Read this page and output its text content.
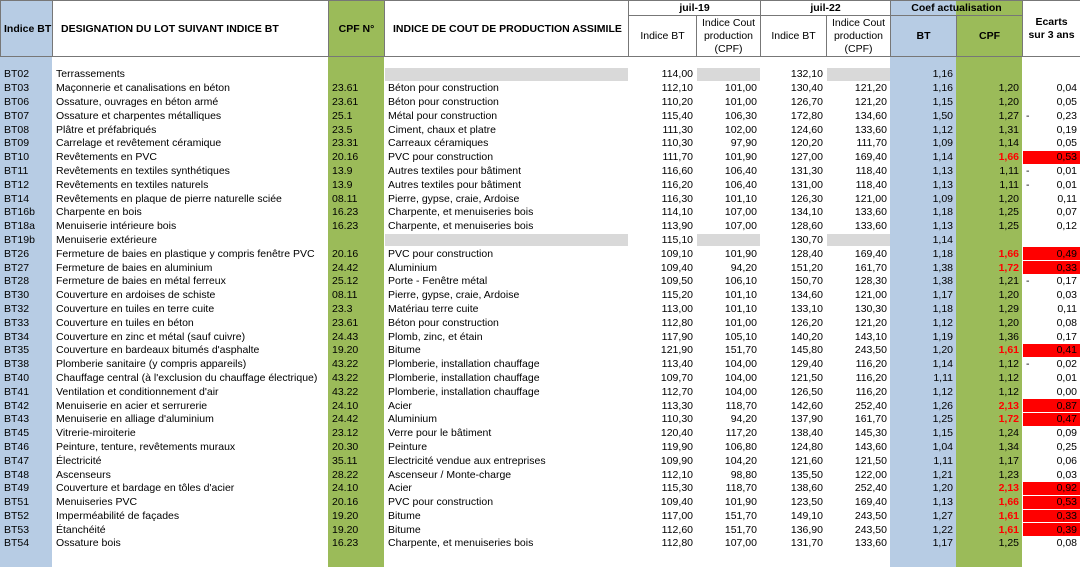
Indice BT	DESIGNATION DU LOT SUIVANT INDICE BT	CPF N°	INDICE DE COUT DE PRODUCTION ASSIMILE	juil-19		juil-22		Coef actualisation		Ecarts sur 3 ans
				Indice BT	Indice Cout production (CPF)	Indice BT	Indice Cout production (CPF)	BT	CPF	

BT02	Terrassements			114,00		132,10		1,16		
BT03	Maçonnerie et canalisations en béton	23.61	Béton pour construction	112,10	101,00	130,40	121,20	1,16	1,20	0,04
BT06	Ossature, ouvrages en béton armé	23.61	Béton pour construction	110,20	101,00	126,70	121,20	1,15	1,20	0,05
BT07	Ossature et charpentes métalliques	25.1	Métal pour construction	115,40	106,30	172,80	134,60	1,50	1,27	- 0,23
BT08	Plâtre et préfabriqués	23.5	Ciment, chaux et platre	111,30	102,00	124,60	133,60	1,12	1,31	0,19
BT09	Carrelage et revêtement céramique	23.31	Carreaux céramiques	110,30	97,90	120,20	111,70	1,09	1,14	0,05
BT10	Revêtements en PVC	20.16	PVC pour construction	111,70	101,90	127,00	169,40	1,14	1,66	0,53
BT11	Revêtements en textiles synthétiques	13.9	Autres textiles pour bâtiment	116,60	106,40	131,30	118,40	1,13	1,11	- 0,01
BT12	Revêtements en textiles naturels	13.9	Autres textiles pour bâtiment	116,20	106,40	131,00	118,40	1,13	1,11	- 0,01
BT14	Revêtements en plaque de pierre naturelle sciée	08.11	Pierre, gypse, craie, Ardoise	116,30	101,10	126,30	121,00	1,09	1,20	0,11
BT16b	Charpente en bois	16.23	Charpente, et menuiseries bois	114,10	107,00	134,10	133,60	1,18	1,25	0,07
BT18a	Menuiserie intérieure bois	16.23	Charpente, et menuiseries bois	113,90	107,00	128,60	133,60	1,13	1,25	0,12
BT19b	Menuiserie extérieure			115,10		130,70		1,14		
BT26	Fermeture de baies en plastique y compris fenêtre PVC	20.16	PVC pour construction	109,10	101,90	128,40	169,40	1,18	1,66	0,49
BT27	Fermeture de baies en aluminium	24.42	Aluminium	109,40	94,20	151,20	161,70	1,38	1,72	0,33
BT28	Fermeture de baies en métal ferreux	25.12	Porte - Fenêtre métal	109,50	106,10	150,70	128,30	1,38	1,21	- 0,17
BT30	Couverture en ardoises de schiste	08.11	Pierre, gypse, craie, Ardoise	115,20	101,10	134,60	121,00	1,17	1,20	0,03
BT32	Couverture en tuiles en terre cuite	23.3	Matériau terre cuite	113,00	101,10	133,10	130,30	1,18	1,29	0,11
BT33	Couverture en tuiles en béton	23.61	Béton pour construction	112,80	101,00	126,20	121,20	1,12	1,20	0,08
BT34	Couverture en zinc et métal (sauf cuivre)	24.43	Plomb, zinc, et étain	117,90	105,10	140,20	143,10	1,19	1,36	0,17
BT35	Couverture en bardeaux bitumés d'asphalte	19.20	Bitume	121,90	151,70	145,80	243,50	1,20	1,61	0,41
BT38	Plomberie sanitaire (y compris appareils)	43.22	Plomberie, installation chauffage	113,40	104,00	129,40	116,20	1,14	1,12	- 0,02
BT40	Chauffage central (à l'exclusion du chauffage électrique)	43.22	Plomberie, installation chauffage	109,70	104,00	121,50	116,20	1,11	1,12	0,01
BT41	Ventilation et conditionnement d'air	43.22	Plomberie, installation chauffage	112,70	104,00	126,50	116,20	1,12	1,12	0,00
BT42	Menuiserie en acier et serrurerie	24.10	Acier	113,30	118,70	142,60	252,40	1,26	2,13	0,87
BT43	Menuiserie en alliage d'aluminium	24.42	Aluminium	110,30	94,20	137,90	161,70	1,25	1,72	0,47
BT45	Vitrerie-miroiterie	23.12	Verre pour le bâtiment	120,40	117,20	138,40	145,30	1,15	1,24	0,09
BT46	Peinture, tenture, revêtements muraux	20.30	Peinture	119,90	106,80	124,80	143,60	1,04	1,34	0,25
BT47	Électricité	35.11	Electricité vendue aux entreprises	109,90	104,20	121,60	121,50	1,11	1,17	0,06
BT48	Ascenseurs	28.22	Ascenseur / Monte-charge	112,10	98,80	135,50	122,00	1,21	1,23	0,03
BT49	Couverture et bardage en tôles d'acier	24.10	Acier	115,30	118,70	138,60	252,40	1,20	2,13	0,92
BT51	Menuiseries PVC	20.16	PVC pour construction	109,40	101,90	123,50	169,40	1,13	1,66	0,53
BT52	Imperméabilité de façades	19.20	Bitume	117,00	151,70	149,10	243,50	1,27	1,61	0,33
BT53	Étanchéité	19.20	Bitume	112,60	151,70	136,90	243,50	1,22	1,61	0,39
BT54	Ossature bois	16.23	Charpente, et menuiseries bois	112,80	107,00	131,70	133,60	1,17	1,25	0,08
